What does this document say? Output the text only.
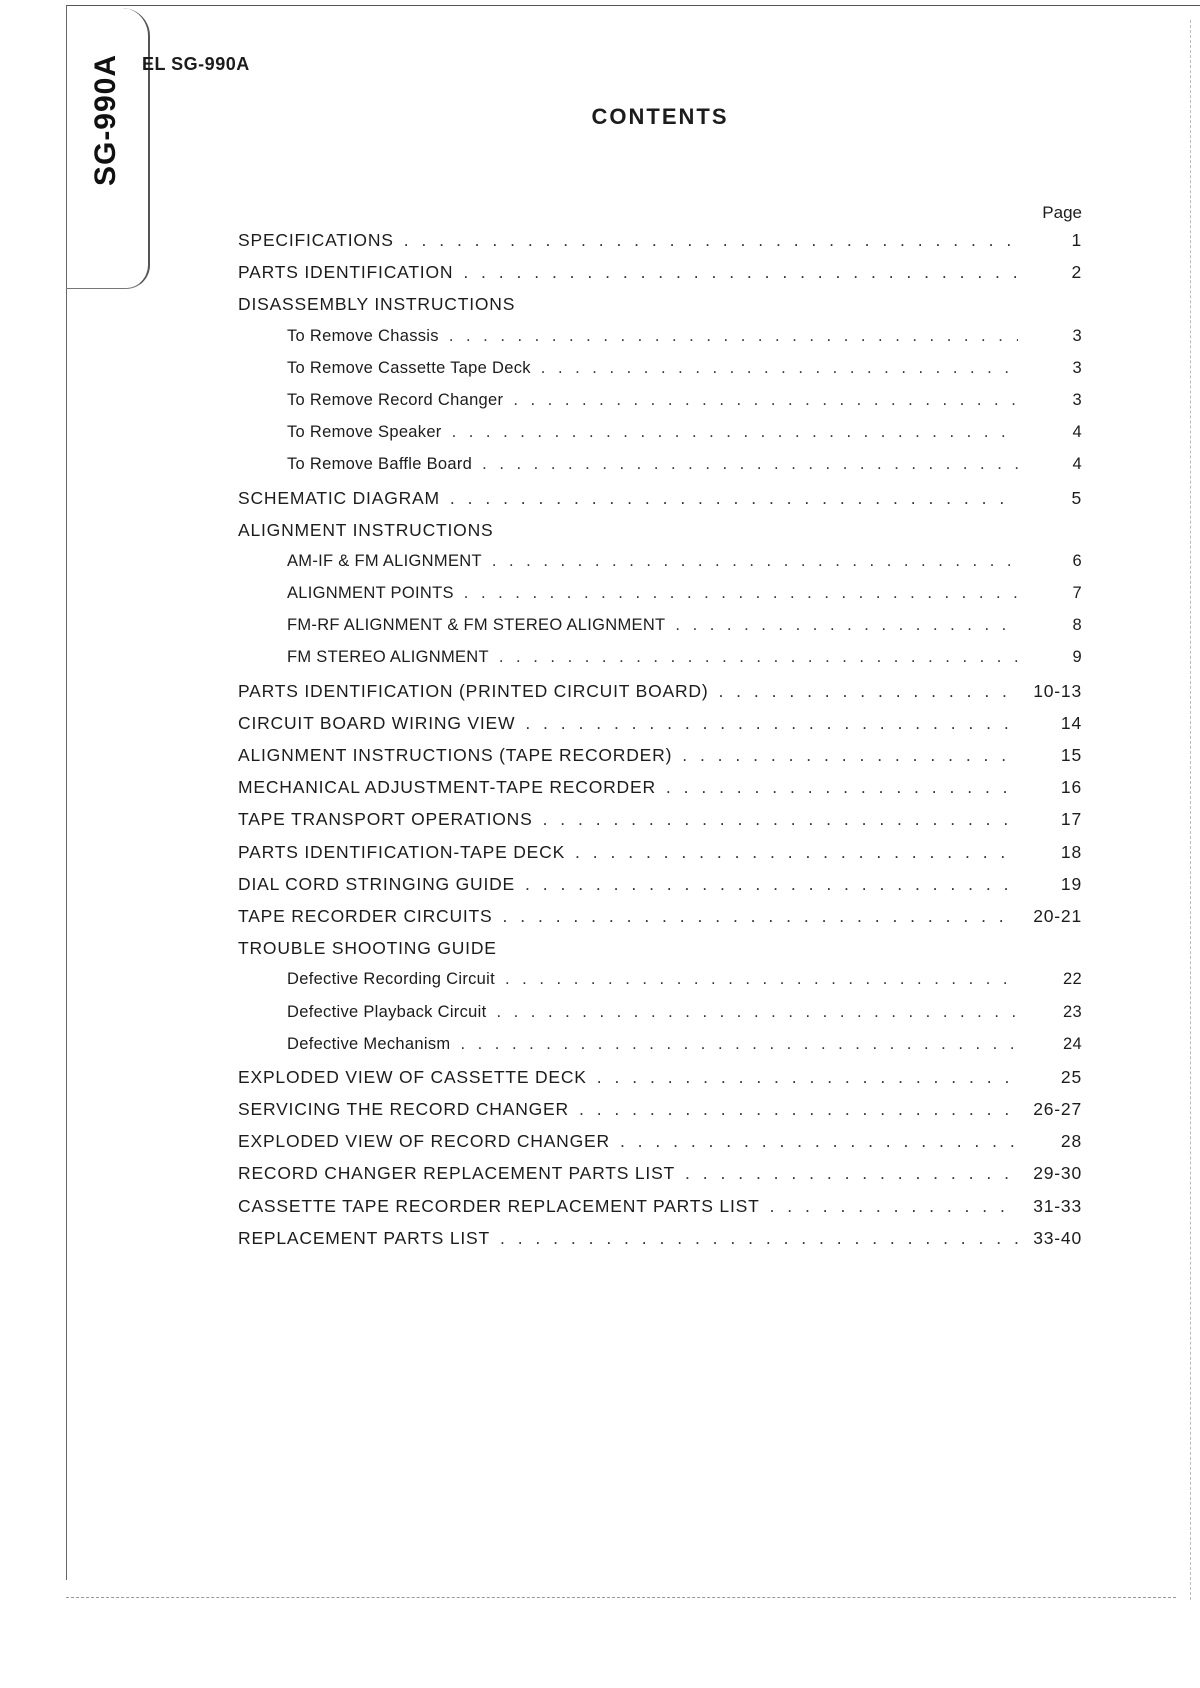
SG-990A EL SG-990A
CONTENTS
Page
SPECIFICATIONS . . .	1
PARTS IDENTIFICATION . . .	2
DISASSEMBLY INSTRUCTIONS
To Remove Chassis . . .	3
To Remove Cassette Tape Deck . . .	3
To Remove Record Changer . . .	3
To Remove Speaker . . .	4
To Remove Baffle Board . . .	4
SCHEMATIC DIAGRAM . . .	5
ALIGNMENT INSTRUCTIONS
AM-IF & FM ALIGNMENT . . .	6
ALIGNMENT POINTS . . .	7
FM-RF ALIGNMENT & FM STEREO ALIGNMENT . . .	8
FM STEREO ALIGNMENT . . .	9
PARTS IDENTIFICATION (PRINTED CIRCUIT BOARD) . . .	10-13
CIRCUIT BOARD WIRING VIEW . . .	14
ALIGNMENT INSTRUCTIONS (TAPE RECORDER) . . .	15
MECHANICAL ADJUSTMENT-TAPE RECORDER . . .	16
TAPE TRANSPORT OPERATIONS . . .	17
PARTS IDENTIFICATION-TAPE DECK . . .	18
DIAL CORD STRINGING GUIDE . . .	19
TAPE RECORDER CIRCUITS . . .	20-21
TROUBLE SHOOTING GUIDE
Defective Recording Circuit . . .	22
Defective Playback Circuit . . .	23
Defective Mechanism . . .	24
EXPLODED VIEW OF CASSETTE DECK . . .	25
SERVICING THE RECORD CHANGER . . .	26-27
EXPLODED VIEW OF RECORD CHANGER . . .	28
RECORD CHANGER REPLACEMENT PARTS LIST . . .	29-30
CASSETTE TAPE RECORDER REPLACEMENT PARTS LIST . . .	31-33
REPLACEMENT PARTS LIST . . .	33-40
